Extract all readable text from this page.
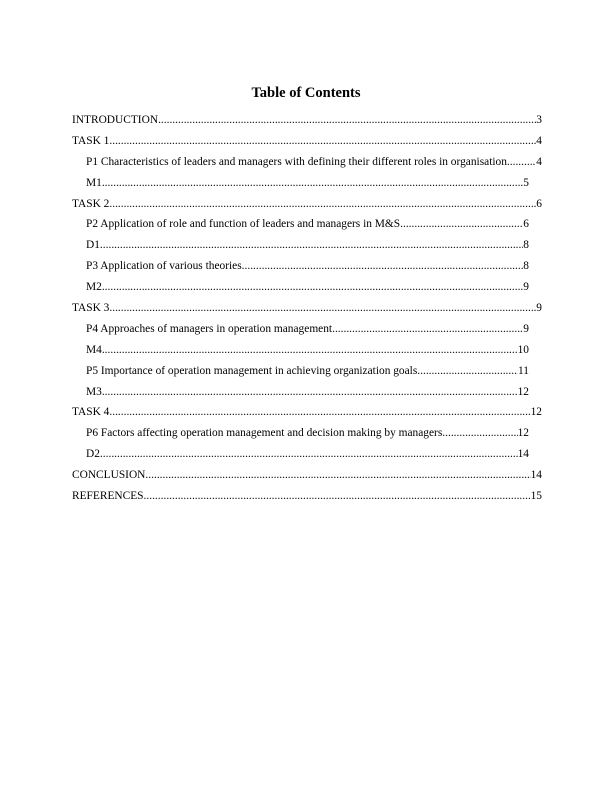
Table of Contents
INTRODUCTION .....	3
TASK 1 .....	4
P1 Characteristics of leaders and managers with defining their different roles in organisation. ..... 4
M1 .....	5
TASK 2 .....	6
P2 Application of role and function of leaders and managers in M&S .....	6
D1 .....	8
P3 Application of various theories .....	8
M2 .....	9
TASK 3 .....	9
P4 Approaches of managers in operation management. .....	9
M4 .....	10
P5 Importance of operation management in achieving organization goals .....	11
M3 .....	12
TASK 4 .....	12
P6 Factors affecting operation management and decision making by managers .....	12
D2 .....	14
CONCLUSION .....	14
REFERENCES .....	15
